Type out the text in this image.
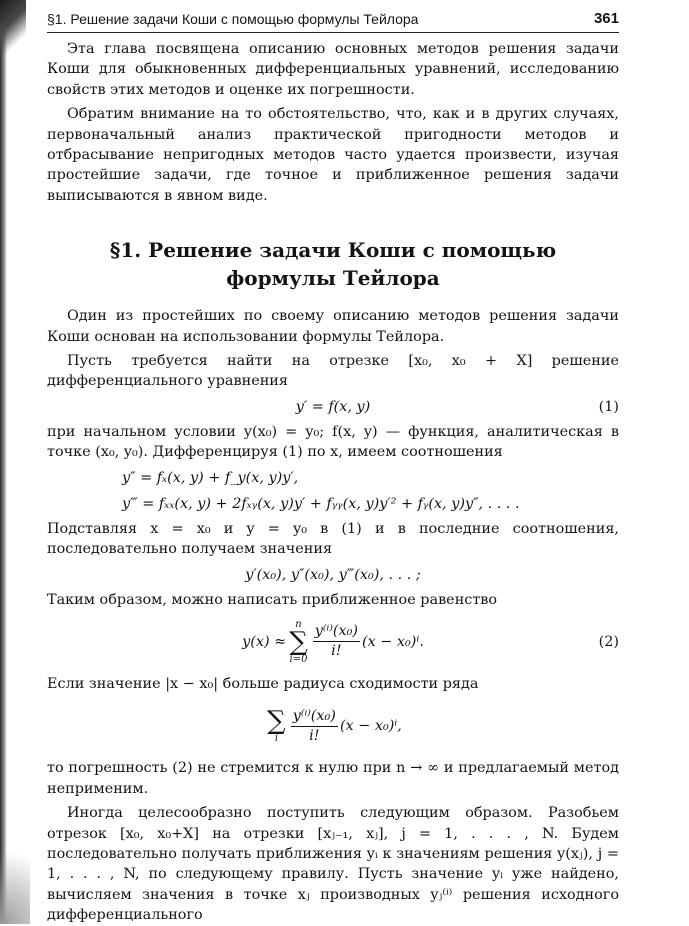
§1. Решение задачи Коши с помощью формулы Тейлора	361

Эта глава посвящена описанию основных методов решения задачи Коши для обыкновенных дифференциальных уравнений, исследованию свойств этих методов и оценке их погрешности.

Обратим внимание на то обстоятельство, что, как и в других случаях, первоначальный анализ практической пригодности методов и отбрасывание непригодных методов часто удается произвести, изучая простейшие задачи, где точное и приближенное решения задачи выписываются в явном виде.

§1. Решение задачи Коши с помощью
формулы Тейлора

Один из простейших по своему описанию методов решения задачи Коши основан на использовании формулы Тейлора.

Пусть требуется найти на отрезке [x₀, x₀ + X] решение дифференциального уравнения

y′ = f(x, y)	(1)

при начальном условии y(x₀) = y₀; f(x, y) — функция, аналитическая в точке (x₀, y₀). Дифференцируя (1) по x, имеем соотношения

y″ = fₓ(x, y) + f_y(x, y)y′,
y‴ = fₓₓ(x, y) + 2fₓᵧ(x, y)y′ + fᵧᵧ(x, y)y′² + fᵧ(x, y)y″, . . . .

Подставляя x = x₀ и y = y₀ в (1) и в последние соотношения, последовательно получаем значения

y′(x₀), y″(x₀), y‴(x₀), . . . ;

Таким образом, можно написать приближенное равенство

y(x) ≈
n
∑
$i=0 \frac{\text{y⁽ⁱ⁾(x₀)}}{i!} (x - x_0)^i$.	(2)

Если значение |x − x₀| больше радиуса сходимости ряда

∑
i $\frac{\text{y⁽ⁱ⁾(x₀)}}{i!} (x - x_0)^i$,

то погрешность (2) не стремится к нулю при n → ∞ и предлагаемый метод неприменим.

Иногда целесообразно поступить следующим образом. Разобьем отрезок [x₀, x₀+X] на отрезки [xⱼ₋₁, xⱼ], j = 1, . . . , N. Будем последовательно получать приближения yᵢ к значениям решения y(xⱼ), j = 1, . . . , N, по следующему правилу. Пусть значение yᵢ уже найдено, вычисляем значения в точке xⱼ производных yⱼ⁽ⁱ⁾ решения исходного дифференциального
